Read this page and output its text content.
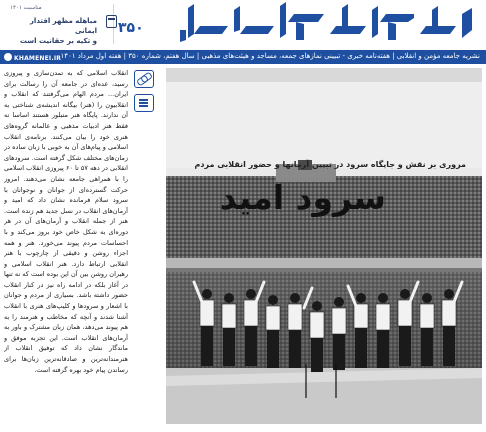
۳۵۰
مناسبت ۱۴۰۱
مباهله مظهر اقتدار ایمانی
و تکیه بر حقانیت است
نشریه جامعه مؤمن و انقلابی | هفته‌نامه خبری - تبیینی نمازهای جمعه، مساجد و هیئت‌های مذهبی | سال هفتم، شماره ۳۵۰ | هفته اول مرداد ۱۴۰۱
KHAMENEI.IR

انقلاب اسلامی که به تمدن‌سازی و پیروزی رسید، عده‌ای در جامعه آن را رسالت برای ایران... مردم الهام می‌گرفتند که انقلاب و انقلابیون را (هنر) بیگانه اندیشه‌ی شناختی به آن ندارند. پایگاه هنر متبلور هستند اساسا نه فقط هنر ادبیات مذهبی و عالمانه گروه‌های هنری خود را بیان می‌کنند. برنامه‌ی انقلاب اسلامی و پیام‌های آن به خوبی با زبان ساده در زمان‌های مختلف شکل گرفته است. سرودهای انقلابی در دهه ۵۷ تا ۶۰ پیروزی انقلاب اسلامی را با همراهی جامعه نشان می‌دهند. امروز حرکت گسترده‌ای از جوانان و نوجوانان با سرود سلام فرمانده نشان داد که امید و آرمان‌های انقلاب در نسل جدید هم زنده است. هنر از جمله انقلاب و آرمان‌های آن در هر دوره‌ای به شکل خاص خود بروز می‌کند و با احساسات مردم پیوند می‌خورد. هنر و همه اجزاء روشن و دقیقی از چارچوب با هنر انقلابی ارتباط دارد. هنر انقلاب اسلامی و رهبران روشن بین آن این بوده است که نه تنها در آغاز بلکه در ادامه راه نیز در کنار انقلاب حضور داشته باشد. بسیاری از مردم و جوانان با اشعار و سرودها و کلیپ‌های هنری با انقلاب آشنا شدند و آنچه که مخاطب و هنرمند را به هم پیوند می‌دهد، همان زبان مشترک و باور به آرمان‌های انقلاب است. این تجربه موفق و ماندگار نشان داد که توفیق انقلاب از هنرمندانه‌ترین و صادقانه‌ترین زبان‌ها برای رساندن پیام خود بهره گرفته است.

مروری بر نقش و جایگاه سرود در تبیین آرمانها و حضور انقلابی مردم
سرود امید
